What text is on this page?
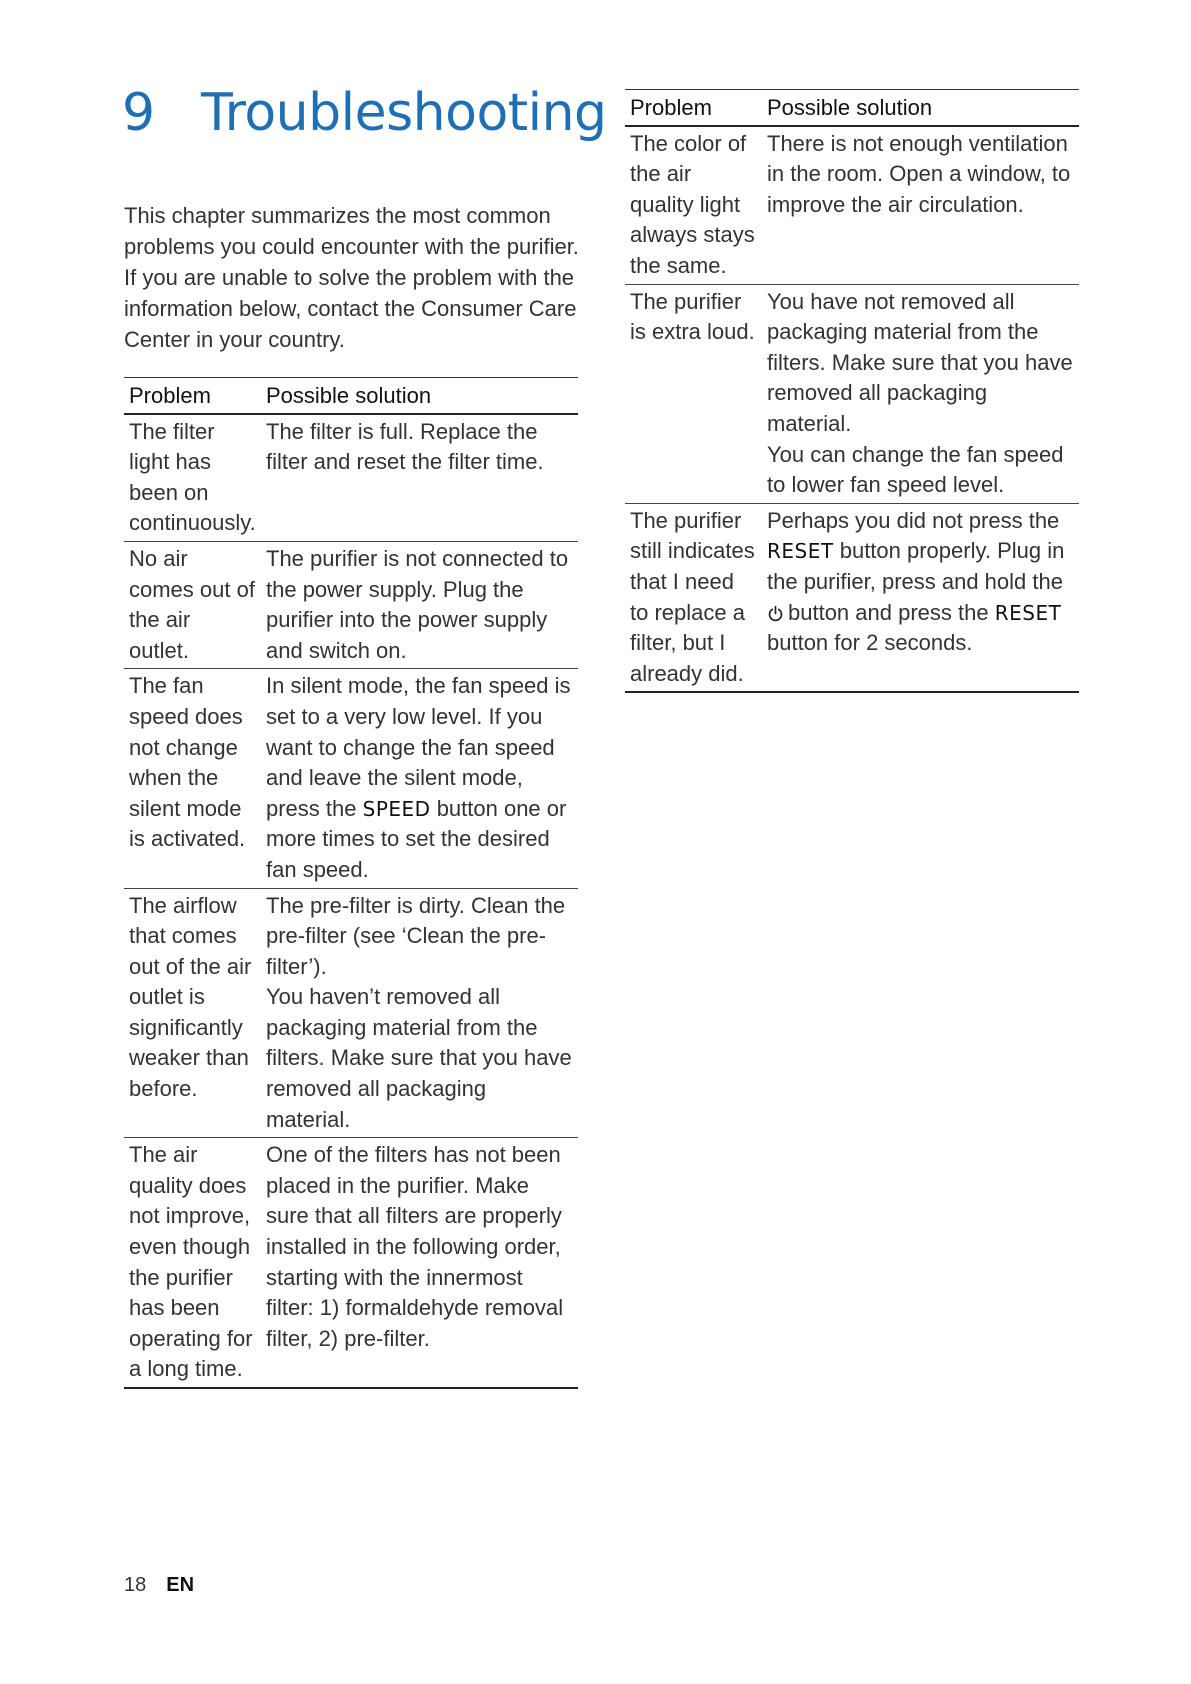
9 Troubleshooting

This chapter summarizes the most common problems you could encounter with the purifier. If you are unable to solve the problem with the information below, contact the Consumer Care Center in your country.

Problem	Possible solution
The filter light has been on continuously.	The filter is full. Replace the filter and reset the filter time.
No air comes out of the air outlet.	The purifier is not connected to the power supply. Plug the purifier into the power supply and switch on.
The fan speed does not change when the silent mode is activated.	In silent mode, the fan speed is set to a very low level. If you want to change the fan speed and leave the silent mode, press the SPEED button one or more times to set the desired fan speed.
The airflow that comes out of the air outlet is significantly weaker than before.	The pre-filter is dirty. Clean the pre-filter (see ‘Clean the pre-filter’).
You haven’t removed all packaging material from the filters. Make sure that you have removed all packaging material.

The air quality does not improve, even though the purifier has been operating for a long time.	One of the filters has not been placed in the purifier. Make sure that all filters are properly installed in the following order, starting with the innermost filter: 1) formaldehyde removal filter, 2) pre-filter.
Problem	Possible solution
The color of the air quality light always stays the same.	There is not enough ventilation in the room. Open a window, to improve the air circulation.
The purifier is extra loud.	You have not removed all packaging material from the filters. Make sure that you have removed all packaging material.
You can change the fan speed to lower fan speed level.

The purifier still indicates that I need to replace a filter, but I already did.	Perhaps you did not press the RESET button properly. Plug in the purifier, press and hold the button and press the RESET button for 2 seconds.
18 EN
